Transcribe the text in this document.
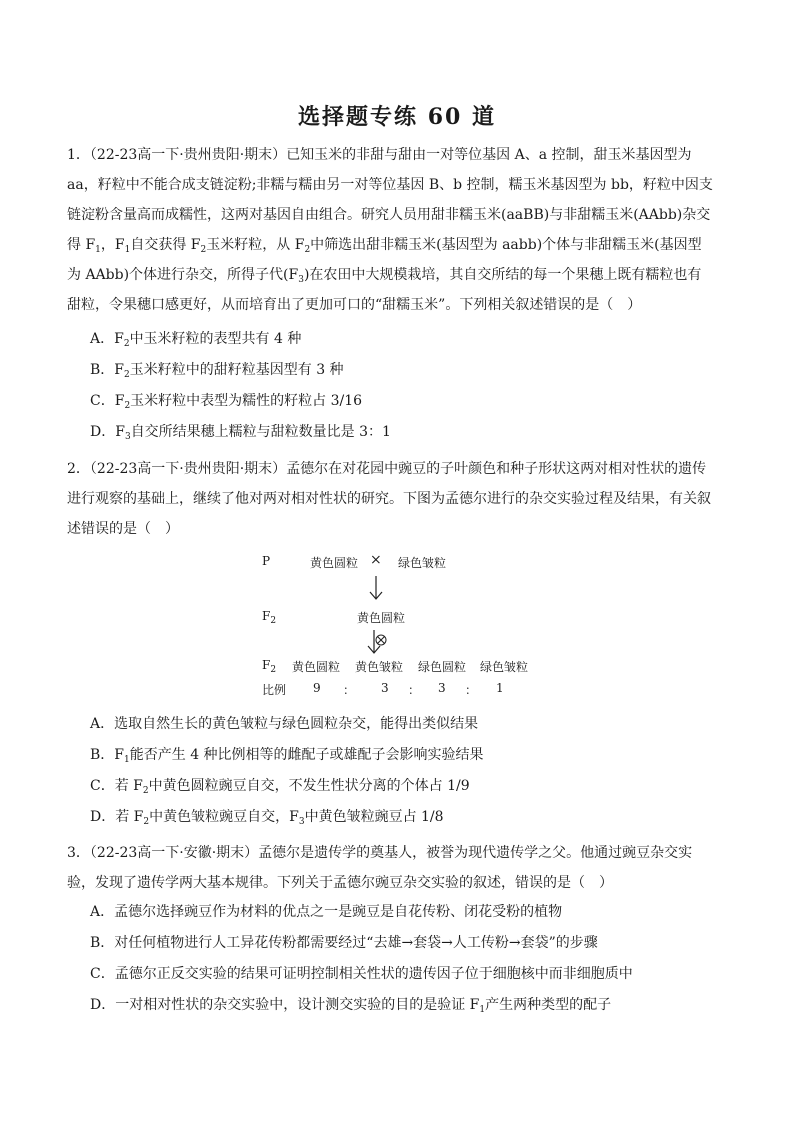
选择题专练 60 道

1．（22-23高一下·贵州贵阳·期末）已知玉米的非甜与甜由一对等位基因 A、a 控制，甜玉米基因型为 aa，籽粒中不能合成支链淀粉;非糯与糯由另一对等位基因 B、b 控制，糯玉米基因型为 bb，籽粒中因支链淀粉含量高而成糯性，这两对基因自由组合。研究人员用甜非糯玉米(aaBB)与非甜糯玉米(AAbb)杂交得 $F_1$，$F_1$自交获得 $F_2$玉米籽粒，从 $F_2$中筛选出甜非糯玉米(基因型为 aabb)个体与非甜糯玉米(基因型为 AAbb)个体进行杂交，所得子代$(F_3)$在农田中大规模栽培，其自交所结的每一个果穗上既有糯粒也有甜粒，令果穗口感更好，从而培育出了更加可口的“甜糯玉米”。下列相关叙述错误的是（　）

A．$F_2$中玉米籽粒的表型共有 4 种
B．$F_2$玉米籽粒中的甜籽粒基因型有 3 种
C．$F_2$玉米籽粒中表型为糯性的籽粒占 3/16
D．$F_3$自交所结果穗上糯粒与甜粒数量比是 3：1

2．（22-23高一下·贵州贵阳·期末）孟德尔在对花园中豌豆的子叶颜色和种子形状这两对相对性状的遗传进行观察的基础上，继续了他对两对相对性状的研究。下图为孟德尔进行的杂交实验过程及结果，有关叙述错误的是（　）

P	黄色圆粒 × 绿色皱粒
$F_2$	黄色圆粒
$F_2$ 黄色圆粒 黄色皱粒 绿色圆粒 绿色皱粒
比例 9 ： 3 ： 3 ： 1
A．选取自然生长的黄色皱粒与绿色圆粒杂交，能得出类似结果
B．$F_1$能否产生 4 种比例相等的雌配子或雄配子会影响实验结果
C．若 $F_2$中黄色圆粒豌豆自交，不发生性状分离的个体占 1/9
D．若 $F_2$中黄色皱粒豌豆自交，$F_3$中黄色皱粒豌豆占 1/8

3．（22-23高一下·安徽·期末）孟德尔是遗传学的奠基人，被誉为现代遗传学之父。他通过豌豆杂交实验，发现了遗传学两大基本规律。下列关于孟德尔豌豆杂交实验的叙述，错误的是（　）

A．孟德尔选择豌豆作为材料的优点之一是豌豆是自花传粉、闭花受粉的植物
B．对任何植物进行人工异花传粉都需要经过“去雄→套袋→人工传粉→套袋”的步骤
C．孟德尔正反交实验的结果可证明控制相关性状的遗传因子位于细胞核中而非细胞质中
D．一对相对性状的杂交实验中，设计测交实验的目的是验证 $F_1$产生两种类型的配子
